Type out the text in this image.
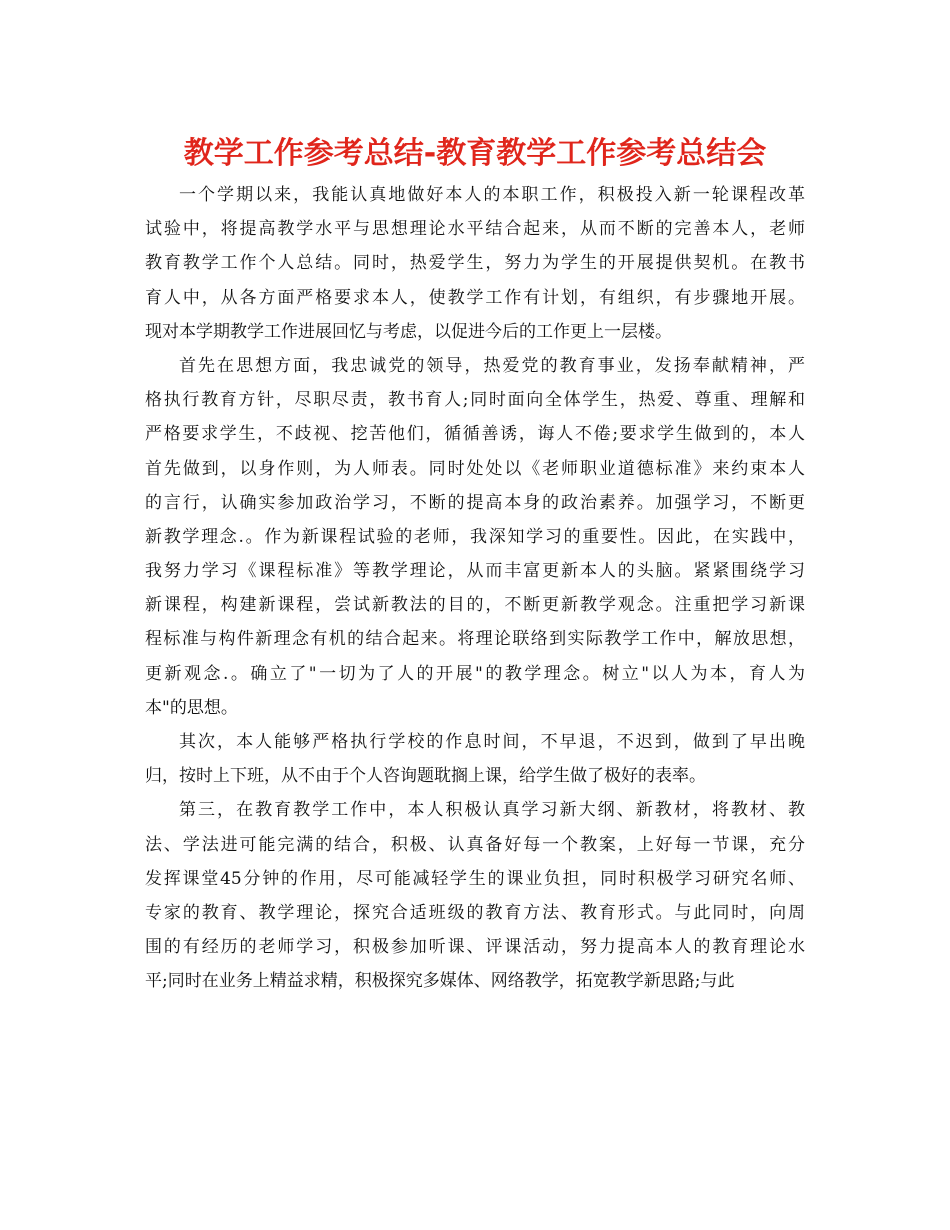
教学工作参考总结-教育教学工作参考总结会
一个学期以来，我能认真地做好本人的本职工作，积极投入新一轮课程改革
试验中，将提高教学水平与思想理论水平结合起来，从而不断的完善本人，老师
教育教学工作个人总结。同时，热爱学生，努力为学生的开展提供契机。在教书
育人中，从各方面严格要求本人，使教学工作有计划，有组织，有步骤地开展。
现对本学期教学工作进展回忆与考虑，以促进今后的工作更上一层楼。
首先在思想方面，我忠诚党的领导，热爱党的教育事业，发扬奉献精神，严
格执行教育方针，尽职尽责，教书育人;同时面向全体学生，热爱、尊重、理解和
严格要求学生，不歧视、挖苦他们，循循善诱，诲人不倦;要求学生做到的，本人
首先做到，以身作则，为人师表。同时处处以《老师职业道德标准》来约束本人
的言行，认确实参加政治学习，不断的提高本身的政治素养。加强学习，不断更
新教学理念.。作为新课程试验的老师，我深知学习的重要性。因此，在实践中，
我努力学习《课程标准》等教学理论，从而丰富更新本人的头脑。紧紧围绕学习
新课程，构建新课程，尝试新教法的目的，不断更新教学观念。注重把学习新课
程标准与构件新理念有机的结合起来。将理论联络到实际教学工作中，解放思想，
更新观念.。确立了"一切为了人的开展"的教学理念。树立"以人为本，育人为
本"的思想。
其次，本人能够严格执行学校的作息时间，不早退，不迟到，做到了早出晚
归，按时上下班，从不由于个人咨询题耽搁上课，给学生做了极好的表率。
第三，在教育教学工作中，本人积极认真学习新大纲、新教材，将教材、教
法、学法进可能完满的结合，积极、认真备好每一个教案，上好每一节课，充分
发挥课堂45分钟的作用，尽可能减轻学生的课业负担，同时积极学习研究名师、
专家的教育、教学理论，探究合适班级的教育方法、教育形式。与此同时，向周
围的有经历的老师学习，积极参加听课、评课活动，努力提高本人的教育理论水
平;同时在业务上精益求精，积极探究多媒体、网络教学，拓宽教学新思路;与此
